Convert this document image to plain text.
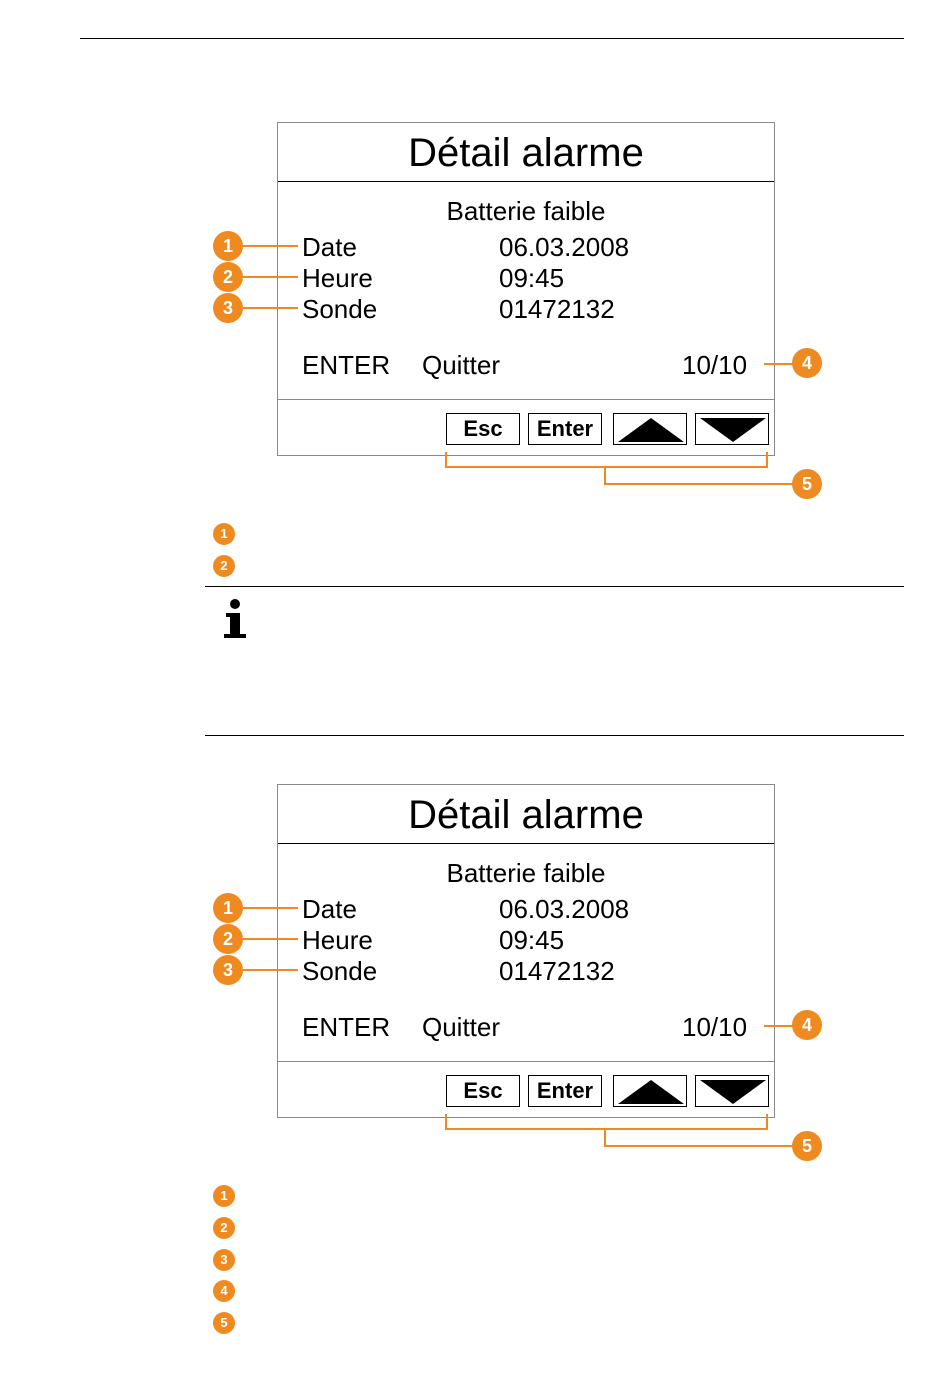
Détail alarme
Batterie faible
Date	06.03.2008
Heure	09:45
Sonde	01472132
ENTER Quitter	10/10
Esc	Enter
1
2
3
4
5
1
2
Détail alarme
Batterie faible
Date	06.03.2008
Heure	09:45
Sonde	01472132
ENTER Quitter	10/10
Esc	Enter
1
2
3
4
5
1
2
3
4
5
